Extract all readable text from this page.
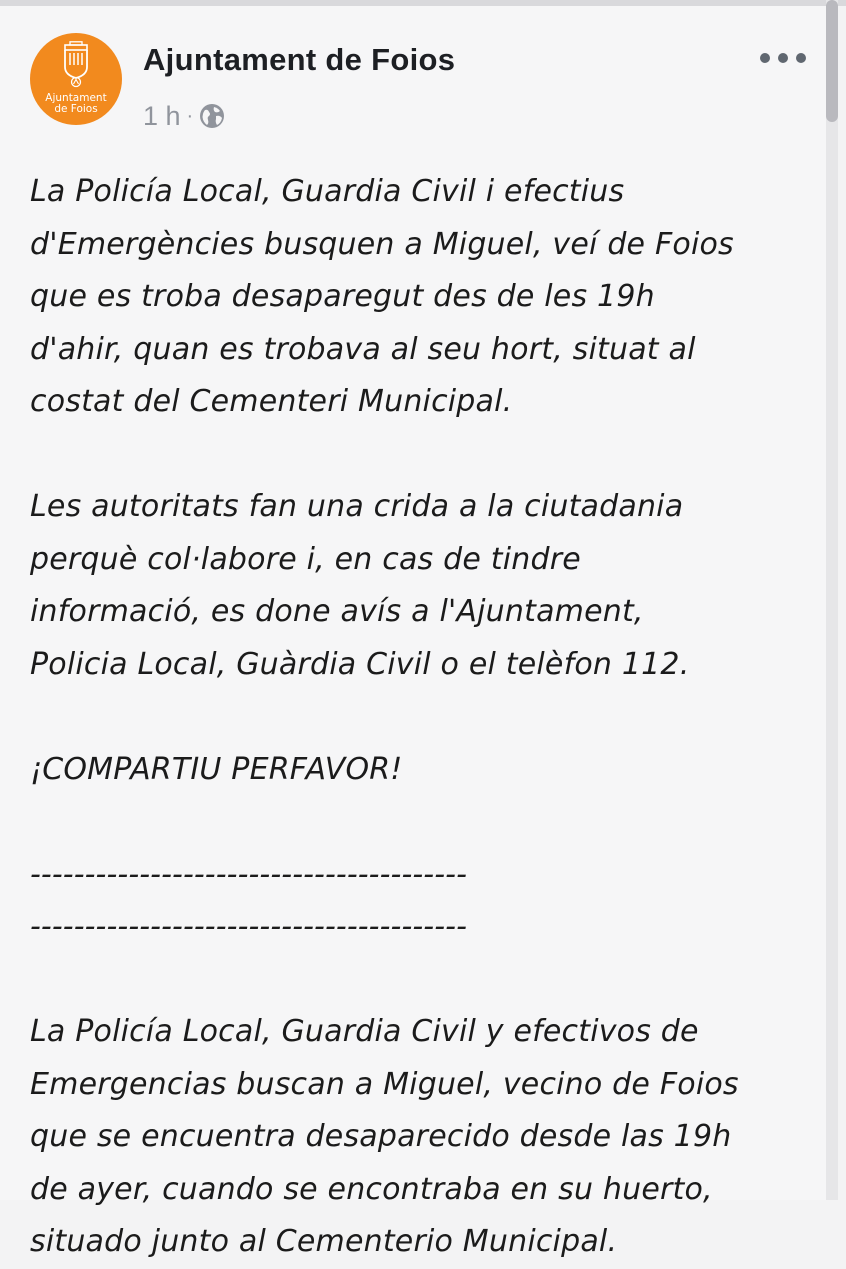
Ajuntament
de Foios
Ajuntament de Foios
1 h ·
La Policía Local, Guardia Civil i efectius
d'Emergències busquen a Miguel, veí de Foios
que es troba desaparegut des de les 19h
d'ahir, quan es trobava al seu hort, situat al
costat del Cementeri Municipal.
Les autoritats fan una crida a la ciutadania
perquè col·labore i, en cas de tindre
informació, es done avís a l'Ajuntament,
Policia Local, Guàrdia Civil o el telèfon 112.
¡COMPARTIU PERFAVOR!
----------------------------------------
----------------------------------------
La Policía Local, Guardia Civil y efectivos de
Emergencias buscan a Miguel, vecino de Foios
que se encuentra desaparecido desde las 19h
de ayer, cuando se encontraba en su huerto,
situado junto al Cementerio Municipal.
